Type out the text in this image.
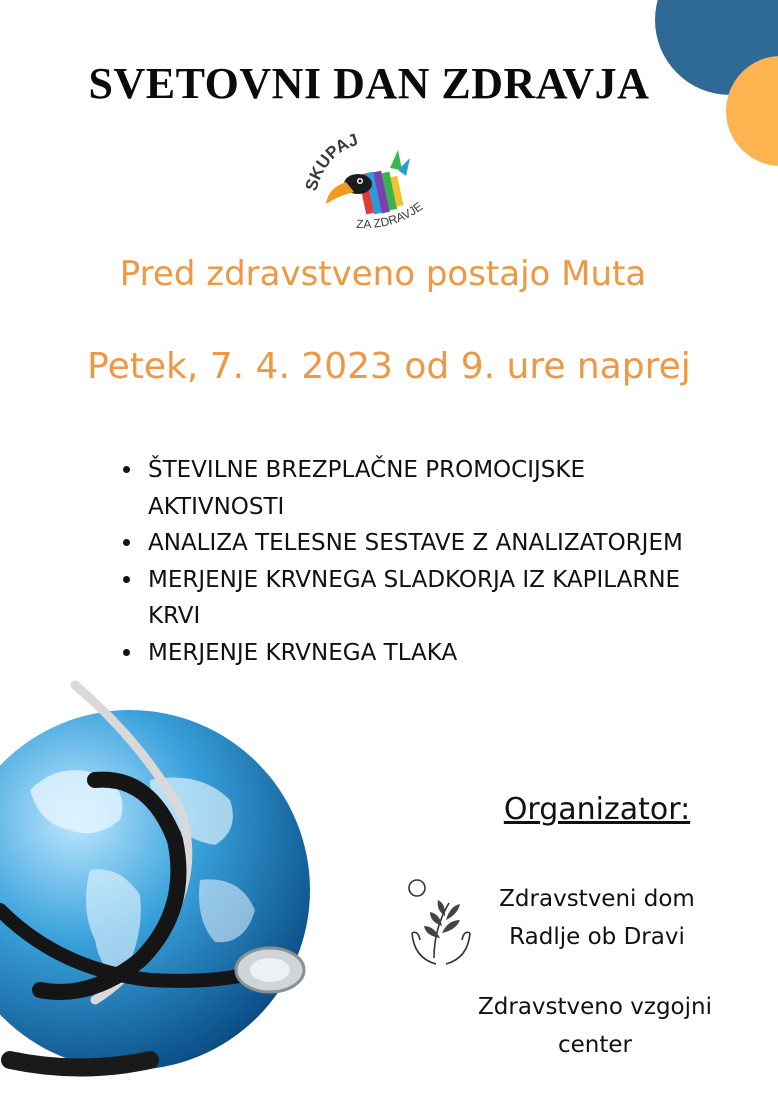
SVETOVNI DAN ZDRAVJA
SKUPAJ
ZA ZDRAVJE
Pred zdravstveno postajo Muta
Petek, 7. 4. 2023 od 9. ure naprej
ŠTEVILNE BREZPLAČNE PROMOCIJSKE AKTIVNOSTI
ANALIZA TELESNE SESTAVE Z ANALIZATORJEM
MERJENJE KRVNEGA SLADKORJA IZ KAPILARNE KRVI
MERJENJE KRVNEGA TLAKA
Organizator:
Zdravstveni dom
Radlje ob Dravi
Zdravstveno vzgojni
center
